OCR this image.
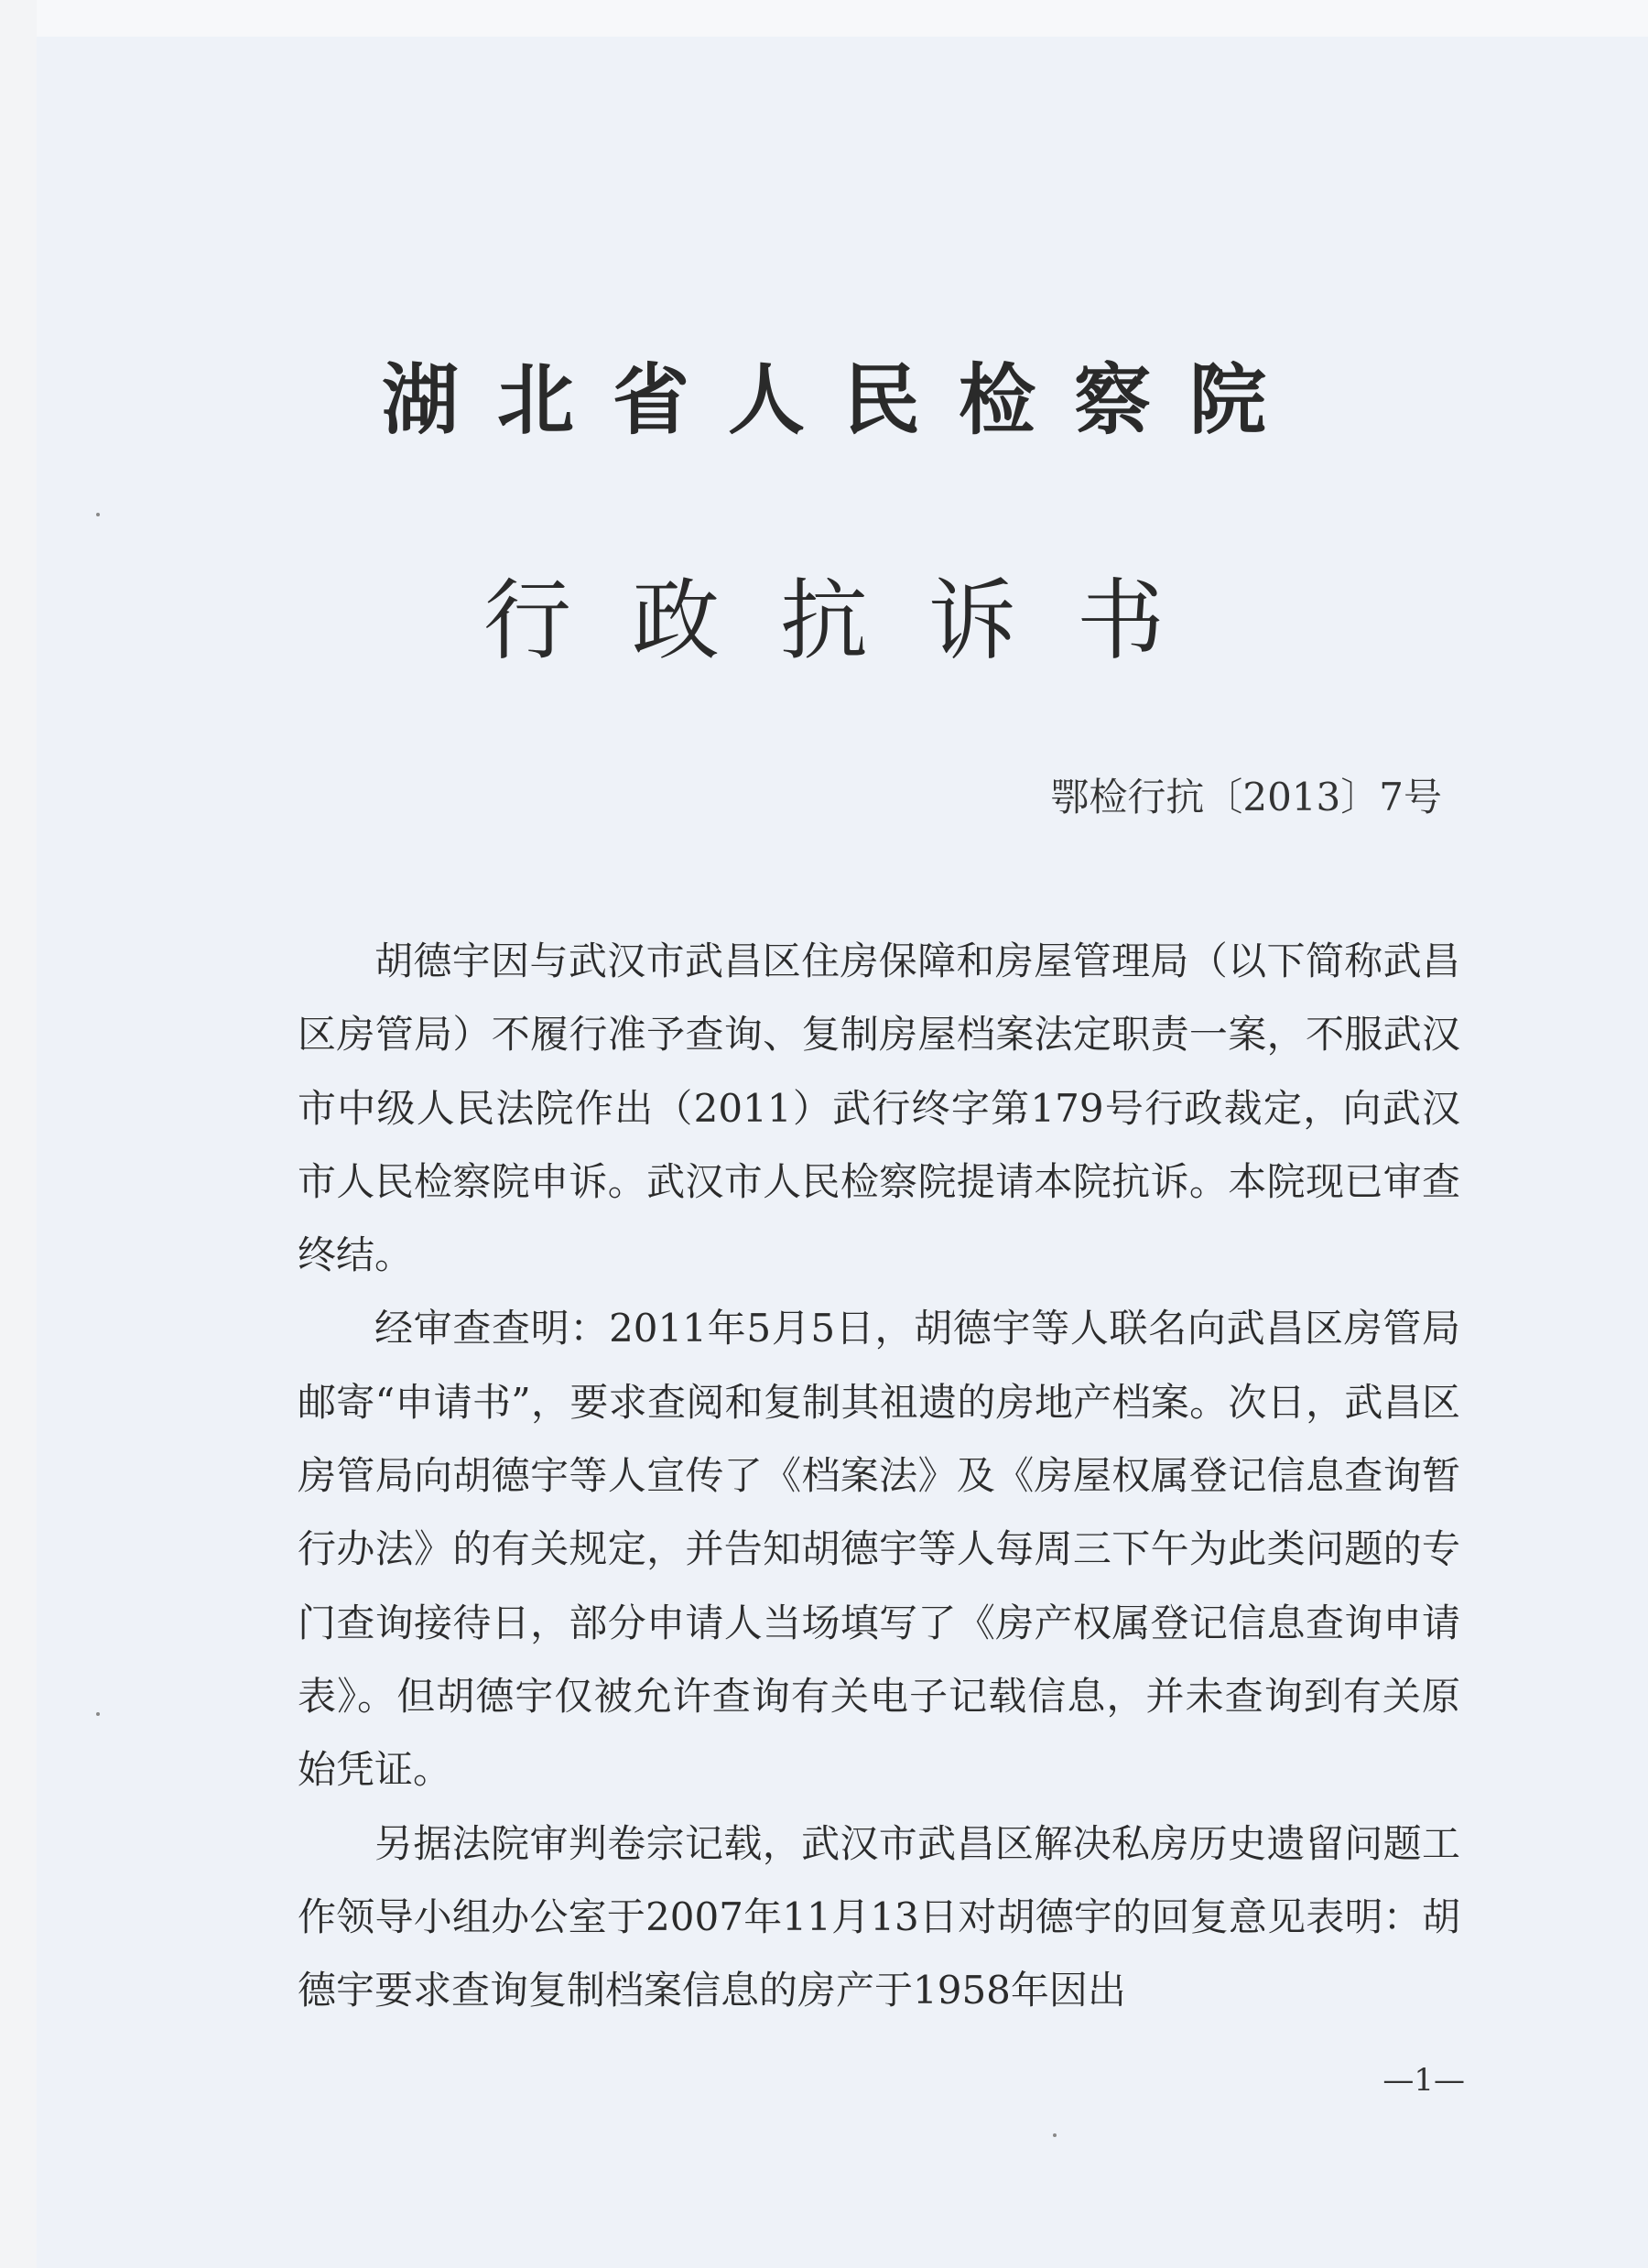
湖北省人民检察院
行政抗诉书
鄂检行抗〔2013〕7号

胡德宇因与武汉市武昌区住房保障和房屋管理局（以下简称武昌区房管局）不履行准予查询、复制房屋档案法定职责一案，不服武汉市中级人民法院作出（2011）武行终字第179号行政裁定，向武汉市人民检察院申诉。武汉市人民检察院提请本院抗诉。本院现已审查终结。

经审查查明：2011年5月5日，胡德宇等人联名向武昌区房管局邮寄“申请书”，要求查阅和复制其祖遗的房地产档案。次日，武昌区房管局向胡德宇等人宣传了《档案法》及《房屋权属登记信息查询暂行办法》的有关规定，并告知胡德宇等人每周三下午为此类问题的专门查询接待日，部分申请人当场填写了《房产权属登记信息查询申请表》。但胡德宇仅被允许查询有关电子记载信息，并未查询到有关原始凭证。

另据法院审判卷宗记载，武汉市武昌区解决私房历史遗留问题工作领导小组办公室于2007年11月13日对胡德宇的回复意见表明：胡德宇要求查询复制档案信息的房产于1958年因出

—1—
